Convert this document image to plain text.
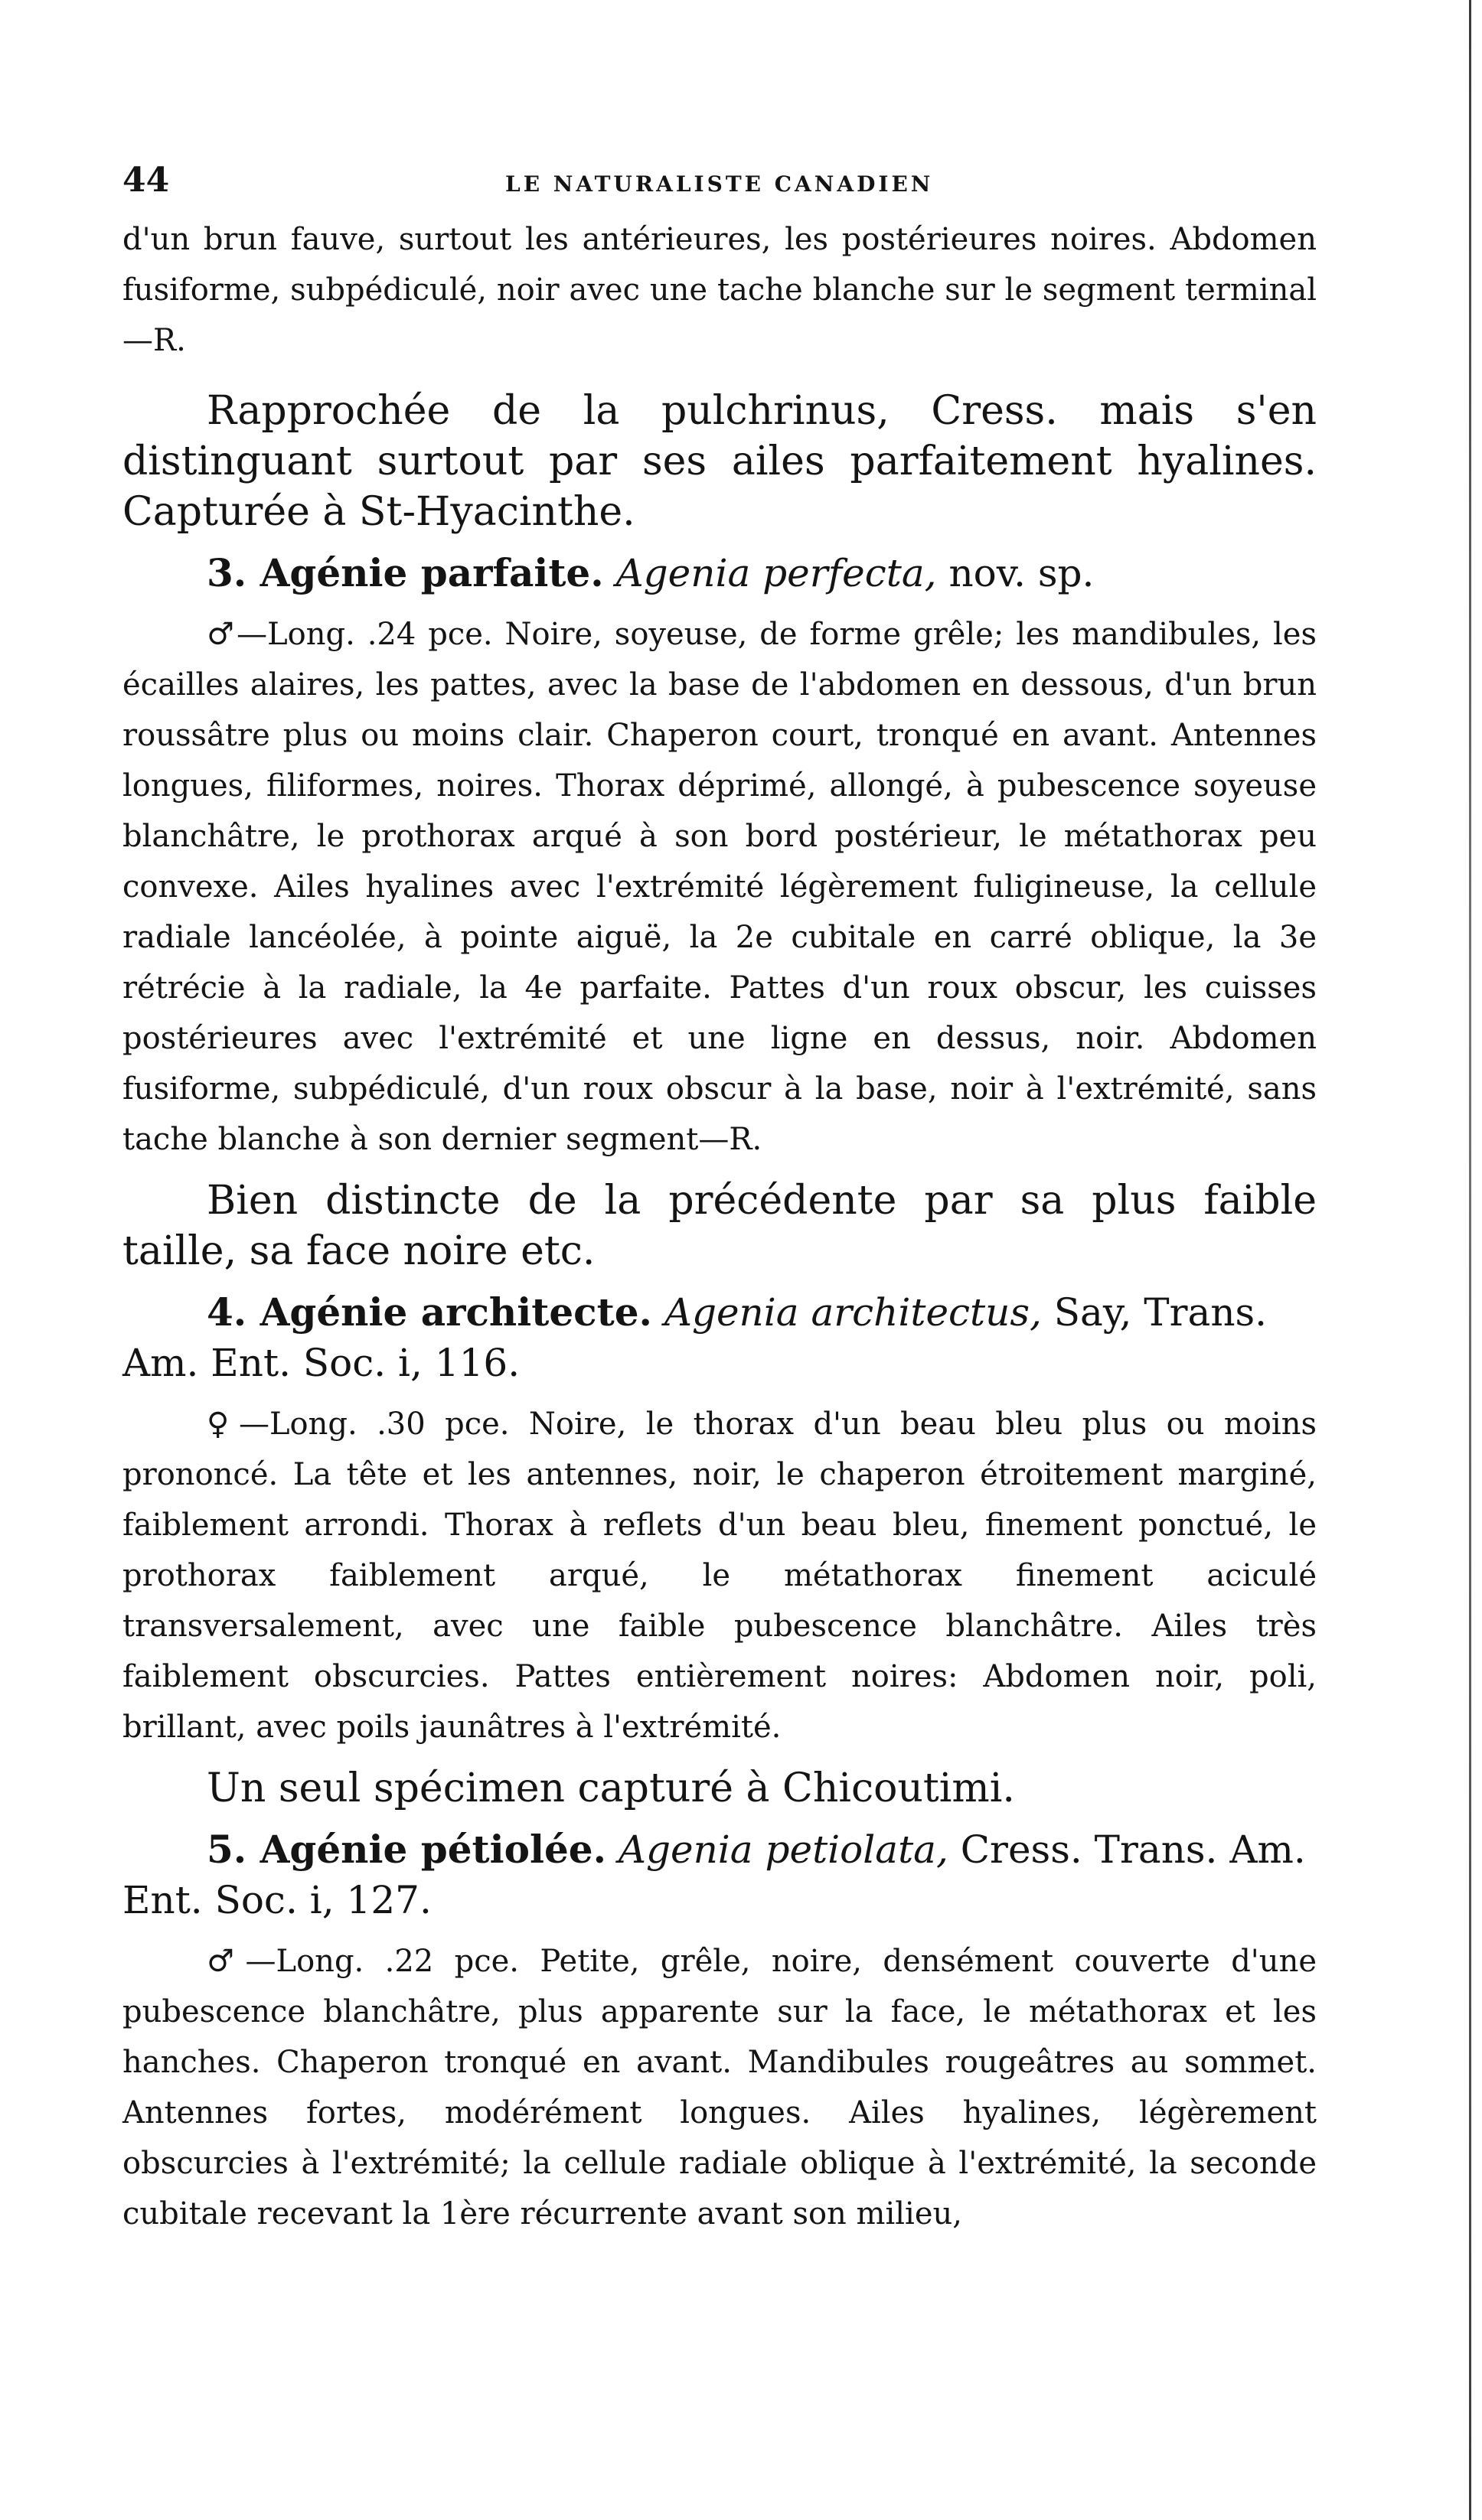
44	LE NATURALISTE CANADIEN

d'un brun fauve, surtout les antérieures, les postérieures noires. Abdomen fusiforme, subpédiculé, noir avec une tache blanche sur le segment terminal—R.

Rapprochée de la pulchrinus, Cress. mais s'en distinguant surtout par ses ailes parfaitement hyalines. Capturée à St-Hyacinthe.

3. Agénie parfaite. Agenia perfecta, nov. sp.

♂—Long. .24 pce. Noire, soyeuse, de forme grêle; les mandibules, les écailles alaires, les pattes, avec la base de l'abdomen en dessous, d'un brun roussâtre plus ou moins clair. Chaperon court, tronqué en avant. Antennes longues, filiformes, noires. Thorax déprimé, allongé, à pubescence soyeuse blanchâtre, le prothorax arqué à son bord postérieur, le métathorax peu convexe. Ailes hyalines avec l'extrémité légèrement fuligineuse, la cellule radiale lancéolée, à pointe aiguë, la 2e cubitale en carré oblique, la 3e rétrécie à la radiale, la 4e parfaite. Pattes d'un roux obscur, les cuisses postérieures avec l'extrémité et une ligne en dessus, noir. Abdomen fusiforme, subpédiculé, d'un roux obscur à la base, noir à l'extrémité, sans tache blanche à son dernier segment—R.

Bien distincte de la précédente par sa plus faible taille, sa face noire etc.

4. Agénie architecte. Agenia architectus, Say, Trans. Am. Ent. Soc. i, 116.

♀—Long. .30 pce. Noire, le thorax d'un beau bleu plus ou moins prononcé. La tête et les antennes, noir, le chaperon étroitement marginé, faiblement arrondi. Thorax à reflets d'un beau bleu, finement ponctué, le prothorax faiblement arqué, le métathorax finement aciculé transversalement, avec une faible pubescence blanchâtre. Ailes très faiblement obscurcies. Pattes entièrement noires: Abdomen noir, poli, brillant, avec poils jaunâtres à l'extrémité.

Un seul spécimen capturé à Chicoutimi.

5. Agénie pétiolée. Agenia petiolata, Cress. Trans. Am. Ent. Soc. i, 127.

♂—Long. .22 pce. Petite, grêle, noire, densément couverte d'une pubescence blanchâtre, plus apparente sur la face, le métathorax et les hanches. Chaperon tronqué en avant. Mandibules rougeâtres au sommet. Antennes fortes, modérément longues. Ailes hyalines, légèrement obscurcies à l'extrémité; la cellule radiale oblique à l'extrémité, la seconde cubitale recevant la 1ère récurrente avant son milieu,
